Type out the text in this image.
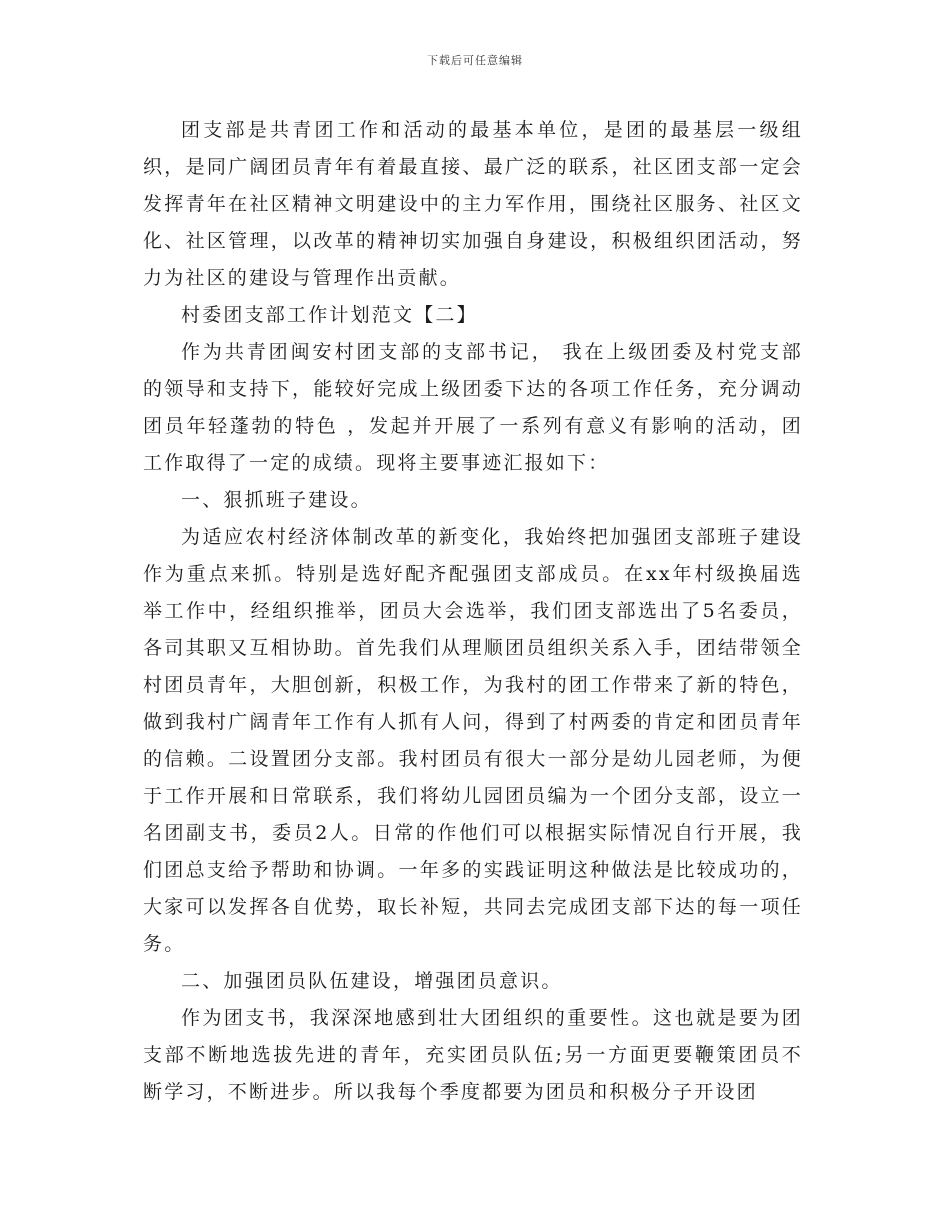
下载后可任意编辑

团支部是共青团工作和活动的最基本单位，是团的最基层一级组织，是同广阔团员青年有着最直接、最广泛的联系，社区团支部一定会发挥青年在社区精神文明建设中的主力军作用，围绕社区服务、社区文化、社区管理，以改革的精神切实加强自身建设，积极组织团活动，努力为社区的建设与管理作出贡献。

村委团支部工作计划范文【二】

作为共青团闽安村团支部的支部书记， 我在上级团委及村党支部的领导和支持下，能较好完成上级团委下达的各项工作任务，充分调动团员年轻蓬勃的特色 ，发起并开展了一系列有意义有影响的活动，团工作取得了一定的成绩。现将主要事迹汇报如下：

一、狠抓班子建设。

为适应农村经济体制改革的新变化，我始终把加强团支部班子建设作为重点来抓。特别是选好配齐配强团支部成员。在xx年村级换届选举工作中，经组织推举，团员大会选举，我们团支部选出了5名委员，各司其职又互相协助。首先我们从理顺团员组织关系入手，团结带领全村团员青年，大胆创新，积极工作，为我村的团工作带来了新的特色，做到我村广阔青年工作有人抓有人问，得到了村两委的肯定和团员青年的信赖。二设置团分支部。我村团员有很大一部分是幼儿园老师，为便于工作开展和日常联系，我们将幼儿园团员编为一个团分支部，设立一名团副支书，委员2人。日常的作他们可以根据实际情况自行开展，我们团总支给予帮助和协调。一年多的实践证明这种做法是比较成功的，大家可以发挥各自优势，取长补短，共同去完成团支部下达的每一项任务。

二、加强团员队伍建设，增强团员意识。

作为团支书，我深深地感到壮大团组织的重要性。这也就是要为团支部不断地选拔先进的青年，充实团员队伍;另一方面更要鞭策团员不断学习，不断进步。所以我每个季度都要为团员和积极分子开设团
